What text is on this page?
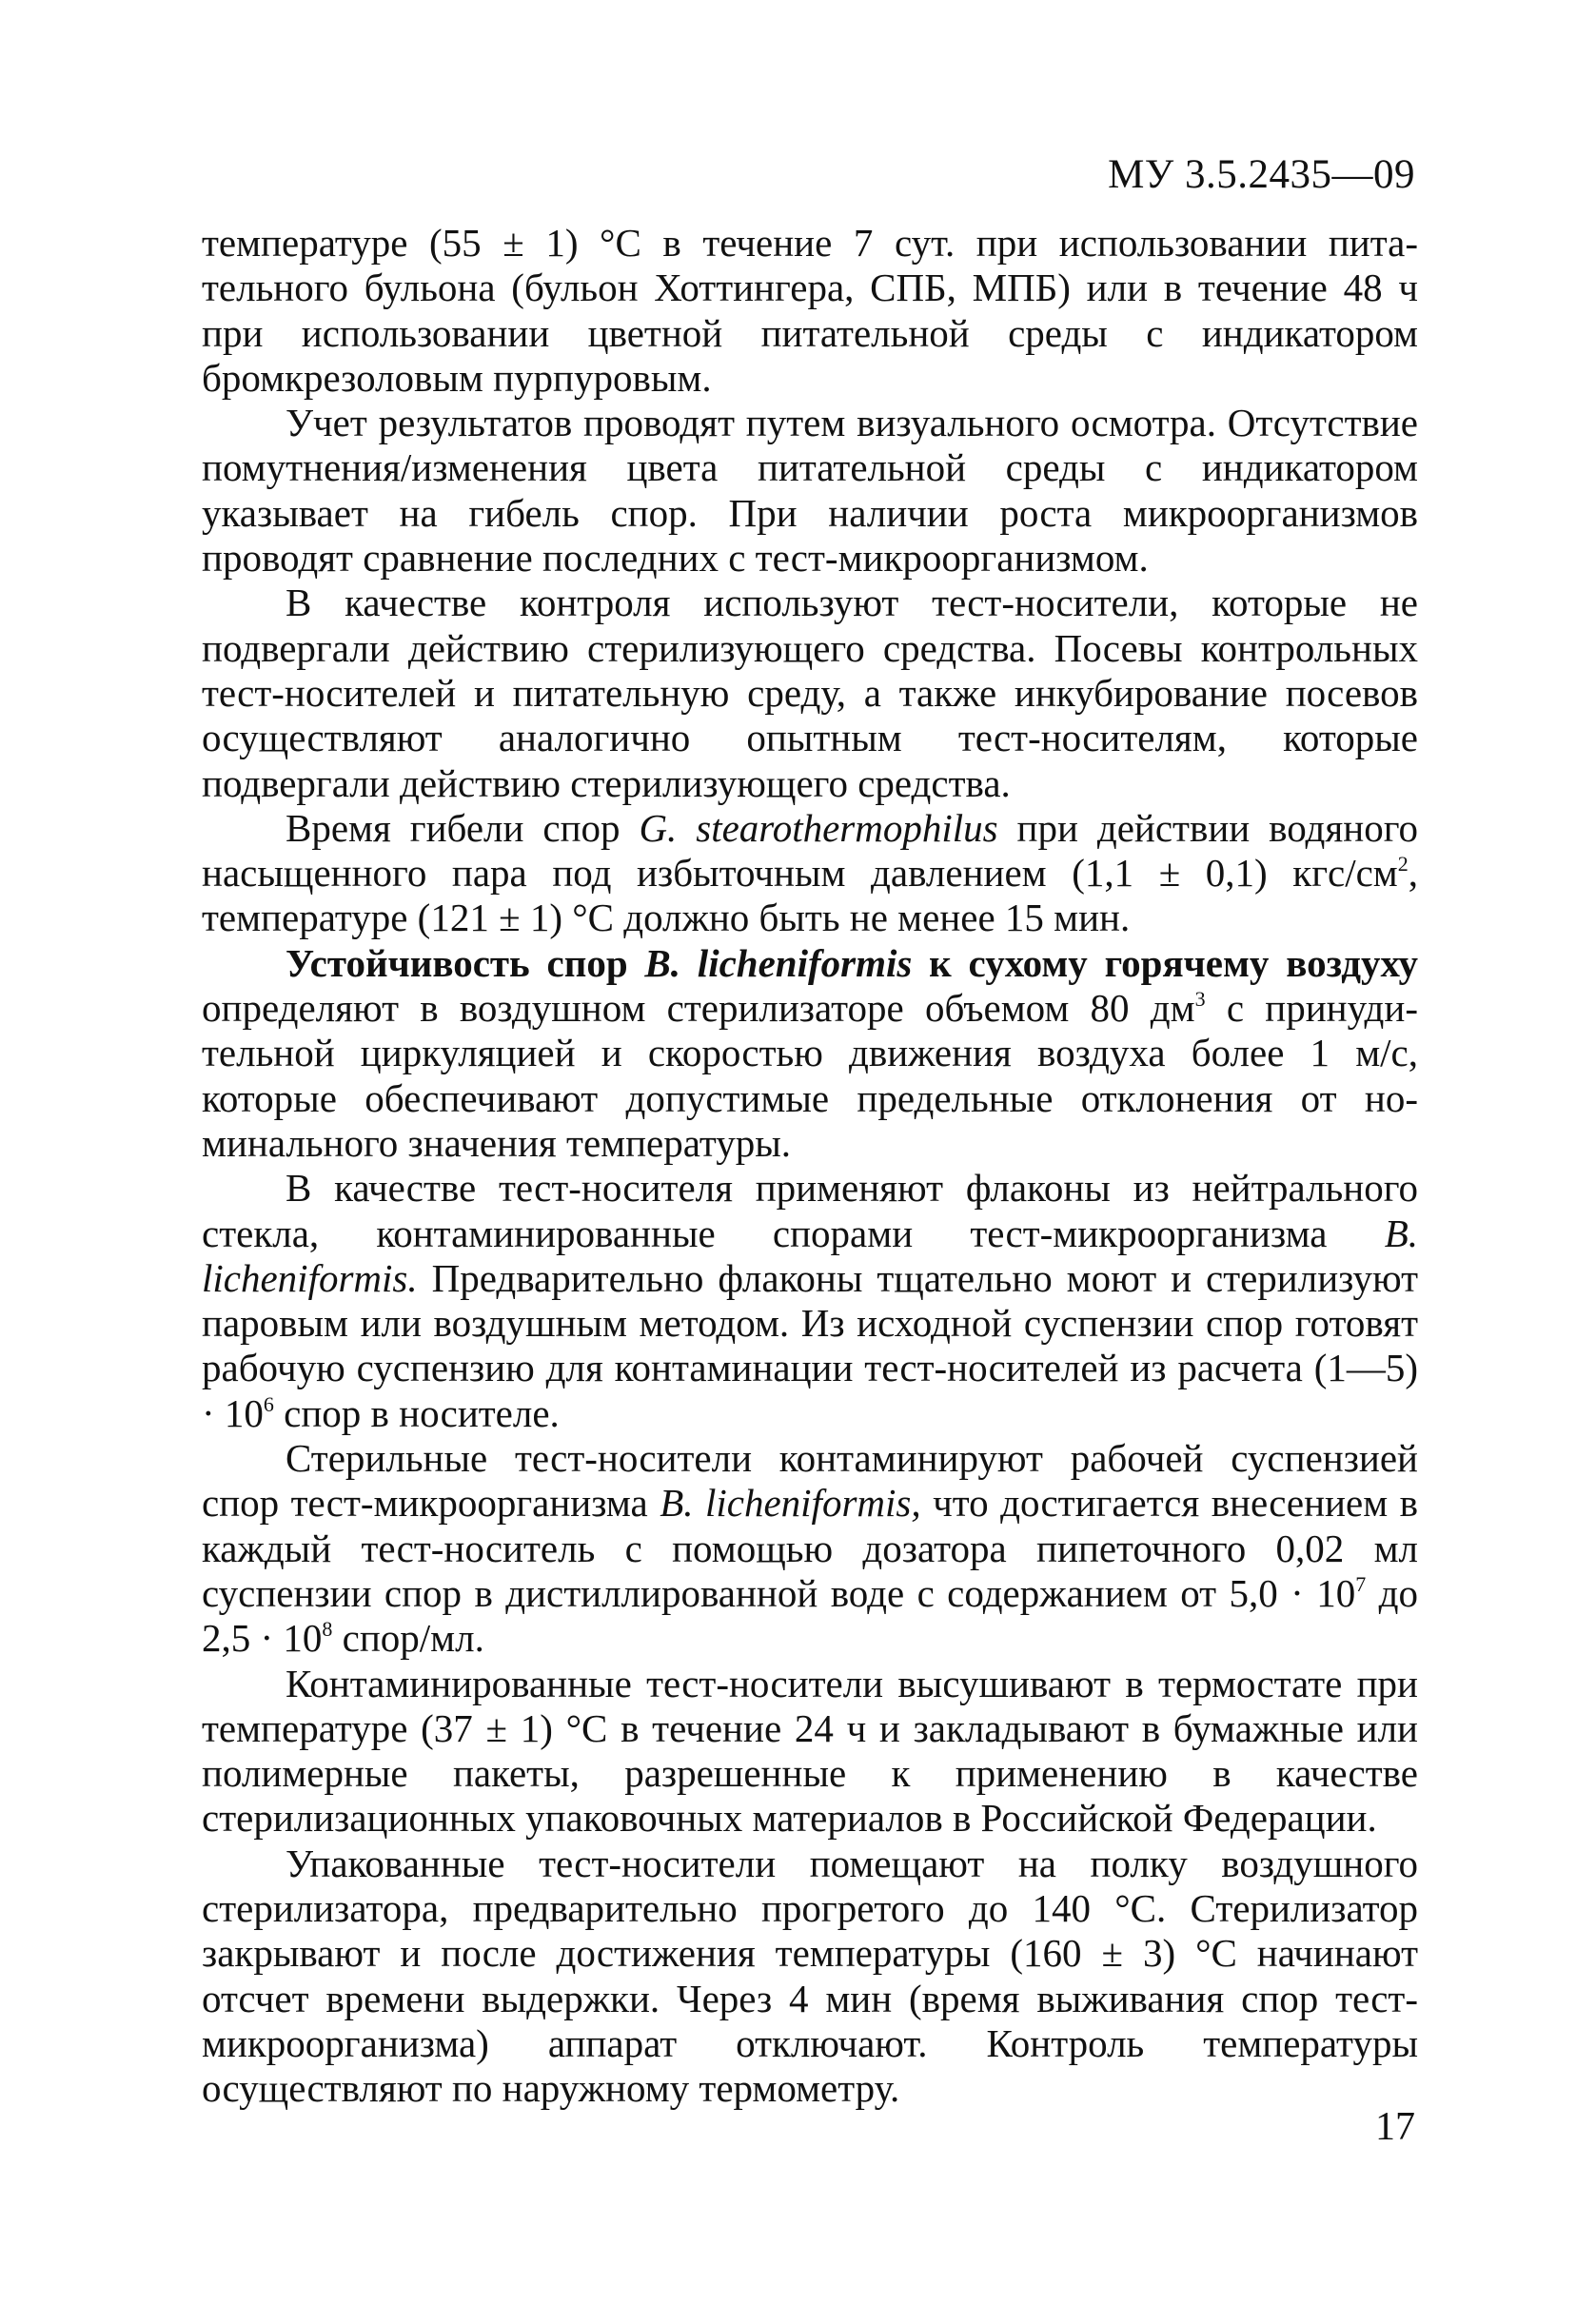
МУ 3.5.2435—09

температуре (55 ± 1) °С в течение 7 сут. при использовании питательного бульона (бульон Хоттингера, СПБ, МПБ) или в течение 48 ч при использовании цветной питательной среды с индикатором бромкрезоловым пурпуровым.

Учет результатов проводят путем визуального осмотра. Отсутствие помутнения/изменения цвета питательной среды с индикатором указывает на гибель спор. При наличии роста микроорганизмов проводят сравнение последних с тест-микроорганизмом.

В качестве контроля используют тест-носители, которые не подвергали действию стерилизующего средства. Посевы контрольных тест-носителей и питательную среду, а также инкубирование посевов осуществляют аналогично опытным тест-носителям, которые подвергали действию стерилизующего средства.

Время гибели спор G. stearothermophilus при действии водяного насыщенного пара под избыточным давлением (1,1 ± 0,1) кгс/$см^2$, температуре (121 ± 1) °С должно быть не менее 15 мин.

Устойчивость спор B. licheniformis к сухому горячему воздуху определяют в воздушном стерилизаторе объемом 80 $дм^3$ с принудительной циркуляцией и скоростью движения воздуха более 1 м/с, которые обеспечивают допустимые предельные отклонения от номинального значения температуры.

В качестве тест-носителя применяют флаконы из нейтрального стекла, контаминированные спорами тест-микроорганизма B. licheniformis. Предварительно флаконы тщательно моют и стерилизуют паровым или воздушным методом. Из исходной суспензии спор готовят рабочую суспензию для контаминации тест-носителей из расчета (1—5) · $10^6$ спор в носителе.

Стерильные тест-носители контаминируют рабочей суспензией спор тест-микроорганизма B. licheniformis, что достигается внесением в каждый тест-носитель с помощью дозатора пипеточного 0,02 мл суспензии спор в дистиллированной воде с содержанием от $5,0 \cdot 10^7$ до $2,5 \cdot 10^8$ спор/мл.

Контаминированные тест-носители высушивают в термостате при температуре (37 ± 1) °С в течение 24 ч и закладывают в бумажные или полимерные пакеты, разрешенные к применению в качестве стерилизационных упаковочных материалов в Российской Федерации.

Упакованные тест-носители помещают на полку воздушного стерилизатора, предварительно прогретого до 140 °С. Стерилизатор закрывают и после достижения температуры (160 ± 3) °С начинают отсчет времени выдержки. Через 4 мин (время выживания спор тест-микроорганизма) аппарат отключают. Контроль температуры осуществляют по наружному термометру.

17
